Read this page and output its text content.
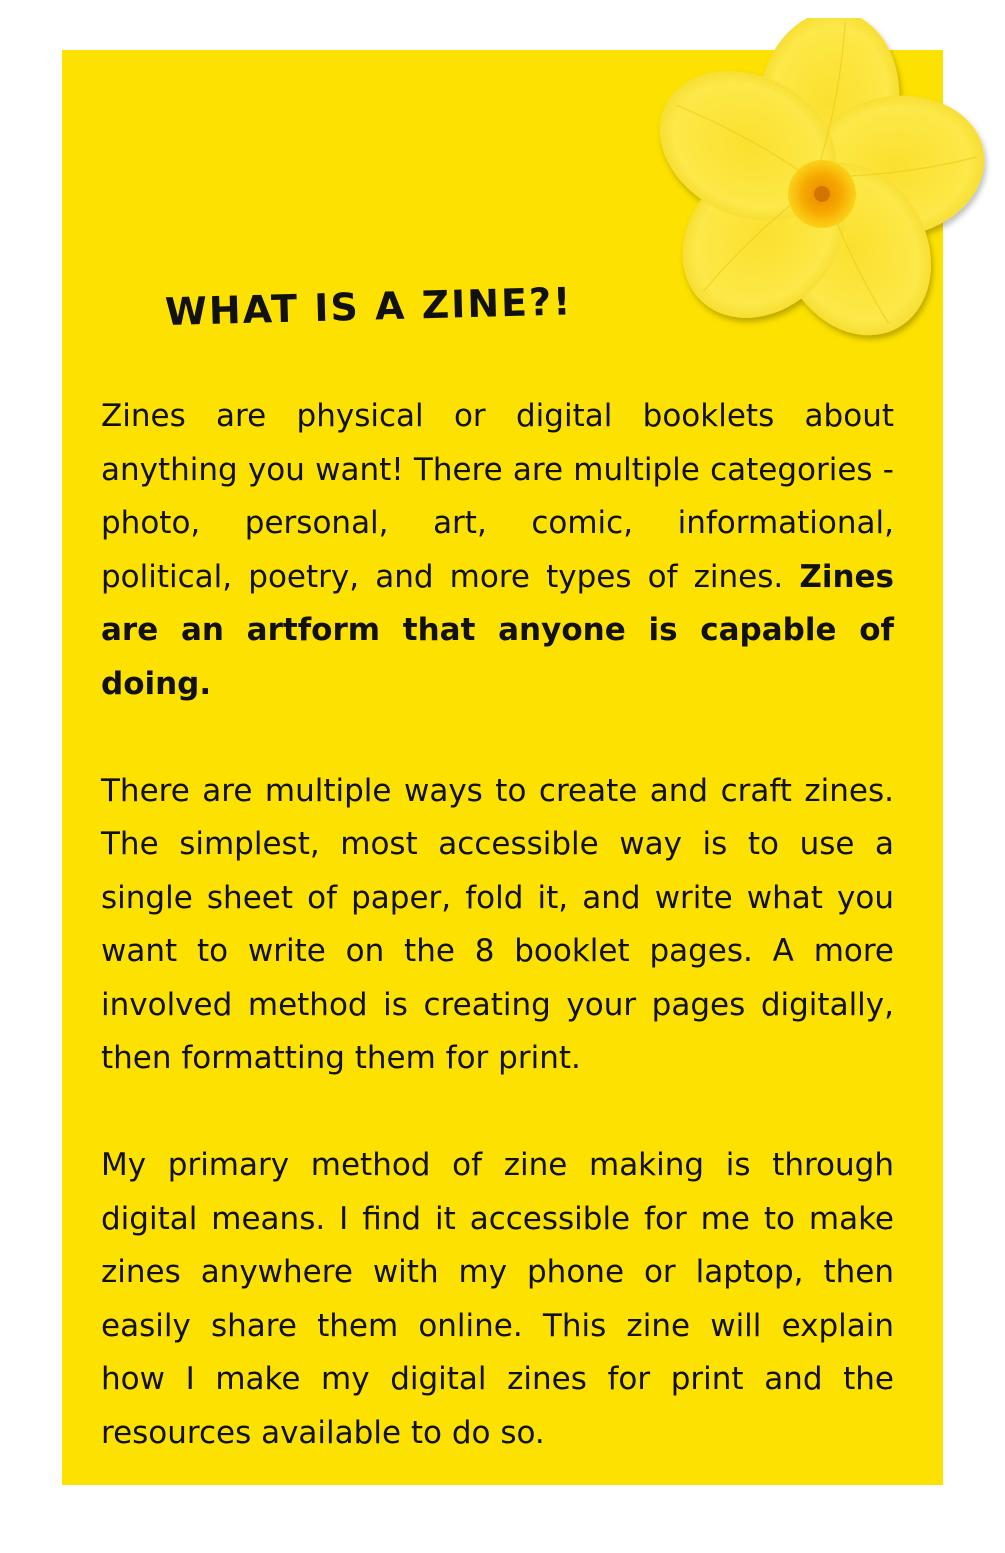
WHAT IS A ZINE?!

Zines are physical or digital booklets about anything you want! There are multiple categories - photo, personal, art, comic, informational, political, poetry, and more types of zines. Zines are an artform that anyone is capable of doing.

There are multiple ways to create and craft zines. The simplest, most accessible way is to use a single sheet of paper, fold it, and write what you want to write on the 8 booklet pages. A more involved method is creating your pages digitally, then formatting them for print.

My primary method of zine making is through digital means. I find it accessible for me to make zines anywhere with my phone or laptop, then easily share them online. This zine will explain how I make my digital zines for print and the resources available to do so.
